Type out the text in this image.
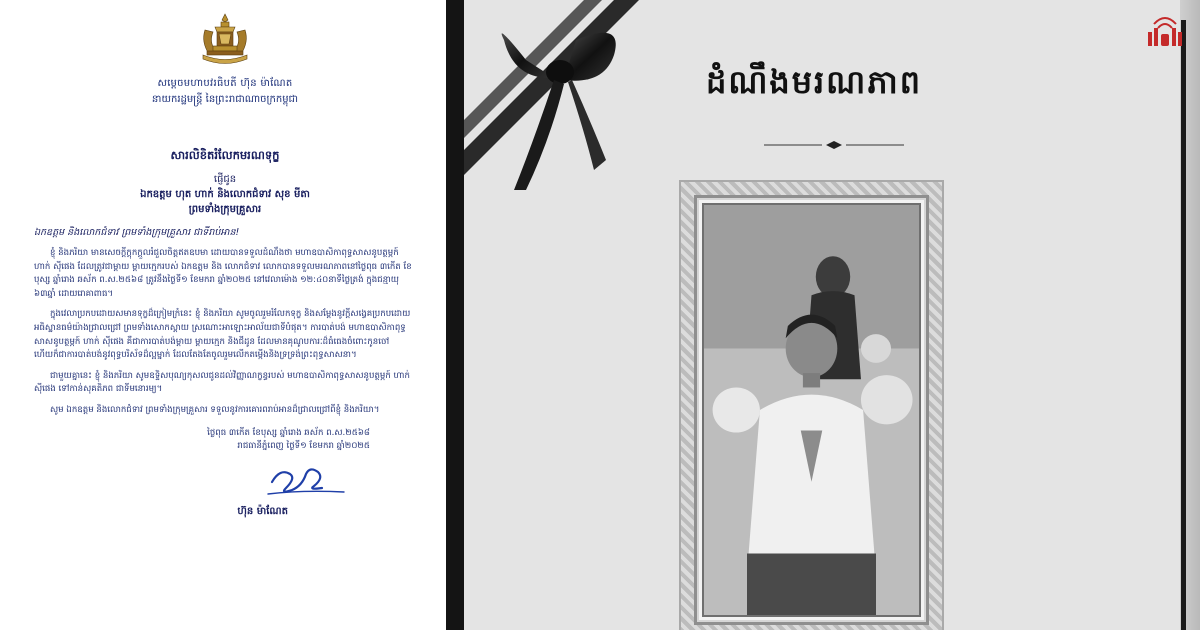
សម្តេចមហាបវរធិបតី ហ៊ុន ម៉ាណែត
នាយករដ្ឋមន្ត្រី នៃព្រះរាជាណាចក្រកម្ពុជា
សារលិខិតរំលែកមរណទុក្ខ
ផ្ញើជូន
ឯកឧត្តម ហុត ហាក់ និងលោកជំទាវ សុខ មីតា
ព្រមទាំងក្រុមគ្រួសារ
ឯកឧត្តម និងលោកជំទាវ ព្រមទាំងក្រុមគ្រួសារ ជាទីរាប់អាន!

ខ្ញុំ និងភរិយា មានសេចក្តីក្តុកក្តួលរំជួលចិត្តឥតឧបមា ដោយបានទទួលដំណឹងថា មហាឧបាសិកាពុទ្ធសាសនូបត្ថម្ភក៍ ហាក់ ស៊ីផេង ដែលត្រូវជាម្តាយ ម្តាយក្មេករបស់ ឯកឧត្តម និង លោកជំទាវ លោកបានទទួលមរណភាពនៅថ្ងៃពុធ ៣កើត ខែបុស្ស ឆ្នាំរោង ឆស័ក ព.ស.២៥៦៨ ត្រូវនឹងថ្ងៃទី១ ខែមករា ឆ្នាំ២០២៥ នៅវេលាម៉ោង ១២:៤០នាទីថ្ងៃត្រង់ ក្នុងជន្មាយុ ៦៣ឆ្នាំ ដោយរោគាពាធ។

ក្នុងវេលាប្រកបដោយសមានទុក្ខដ៏ក្រៀមក្រំនេះ ខ្ញុំ និងភរិយា សូមចូលរួមរំលែកទុក្ខ និងសម្តែងនូវក្តីសង្វេគប្រកបដោយអធិស្ឋានធម៌យ៉ាងជ្រាលជ្រៅ ព្រមទាំងសោកស្តាយ ស្រណោះអាឡោះអាល័យជាទីបំផុត។ ការបាត់បង់ មហាឧបាសិកាពុទ្ធសាសនូបត្ថម្ភក៍ ហាក់ ស៊ីផេង គឺជាការបាត់បង់ម្តាយ ម្តាយក្មេក និងជីដូន ដែលមានគុណូបការៈដ៏ធំធេងចំពោះកូនចៅ ហើយក៏ជាការបាត់បង់នូវពុទ្ធបរិស័ទដ៏ល្អម្នាក់ ដែលតែងតែចូលរួមលើកតម្កើងនិងទ្រទ្រង់ព្រះពុទ្ធសាសនា។

ជាមួយគ្នានេះ ខ្ញុំ និងភរិយា សូមឧទ្ទិសបុណ្យកុសលជូនដល់វិញ្ញាណក្ខន្ធរបស់ មហាឧបាសិកាពុទ្ធសាសនូបត្ថម្ភក៍ ហាក់ ស៊ីផេង ទៅកាន់សុគតិភព ជាទីមនោរម្យ។

សូម ឯកឧត្តម និងលោកជំទាវ ព្រមទាំងក្រុមគ្រួសារ ទទួលនូវការគោរពរាប់អានដ៏ជ្រាលជ្រៅពីខ្ញុំ និងភរិយា។

ថ្ងៃពុធ ៣កើត ខែបុស្ស ឆ្នាំរោង ឆស័ក ព.ស.២៥៦៨
រាជធានីភ្នំពេញ ថ្ងៃទី១ ខែមករា ឆ្នាំ២០២៥
ហ៊ុន ម៉ាណែត
ដំណឹងមរណភាព
